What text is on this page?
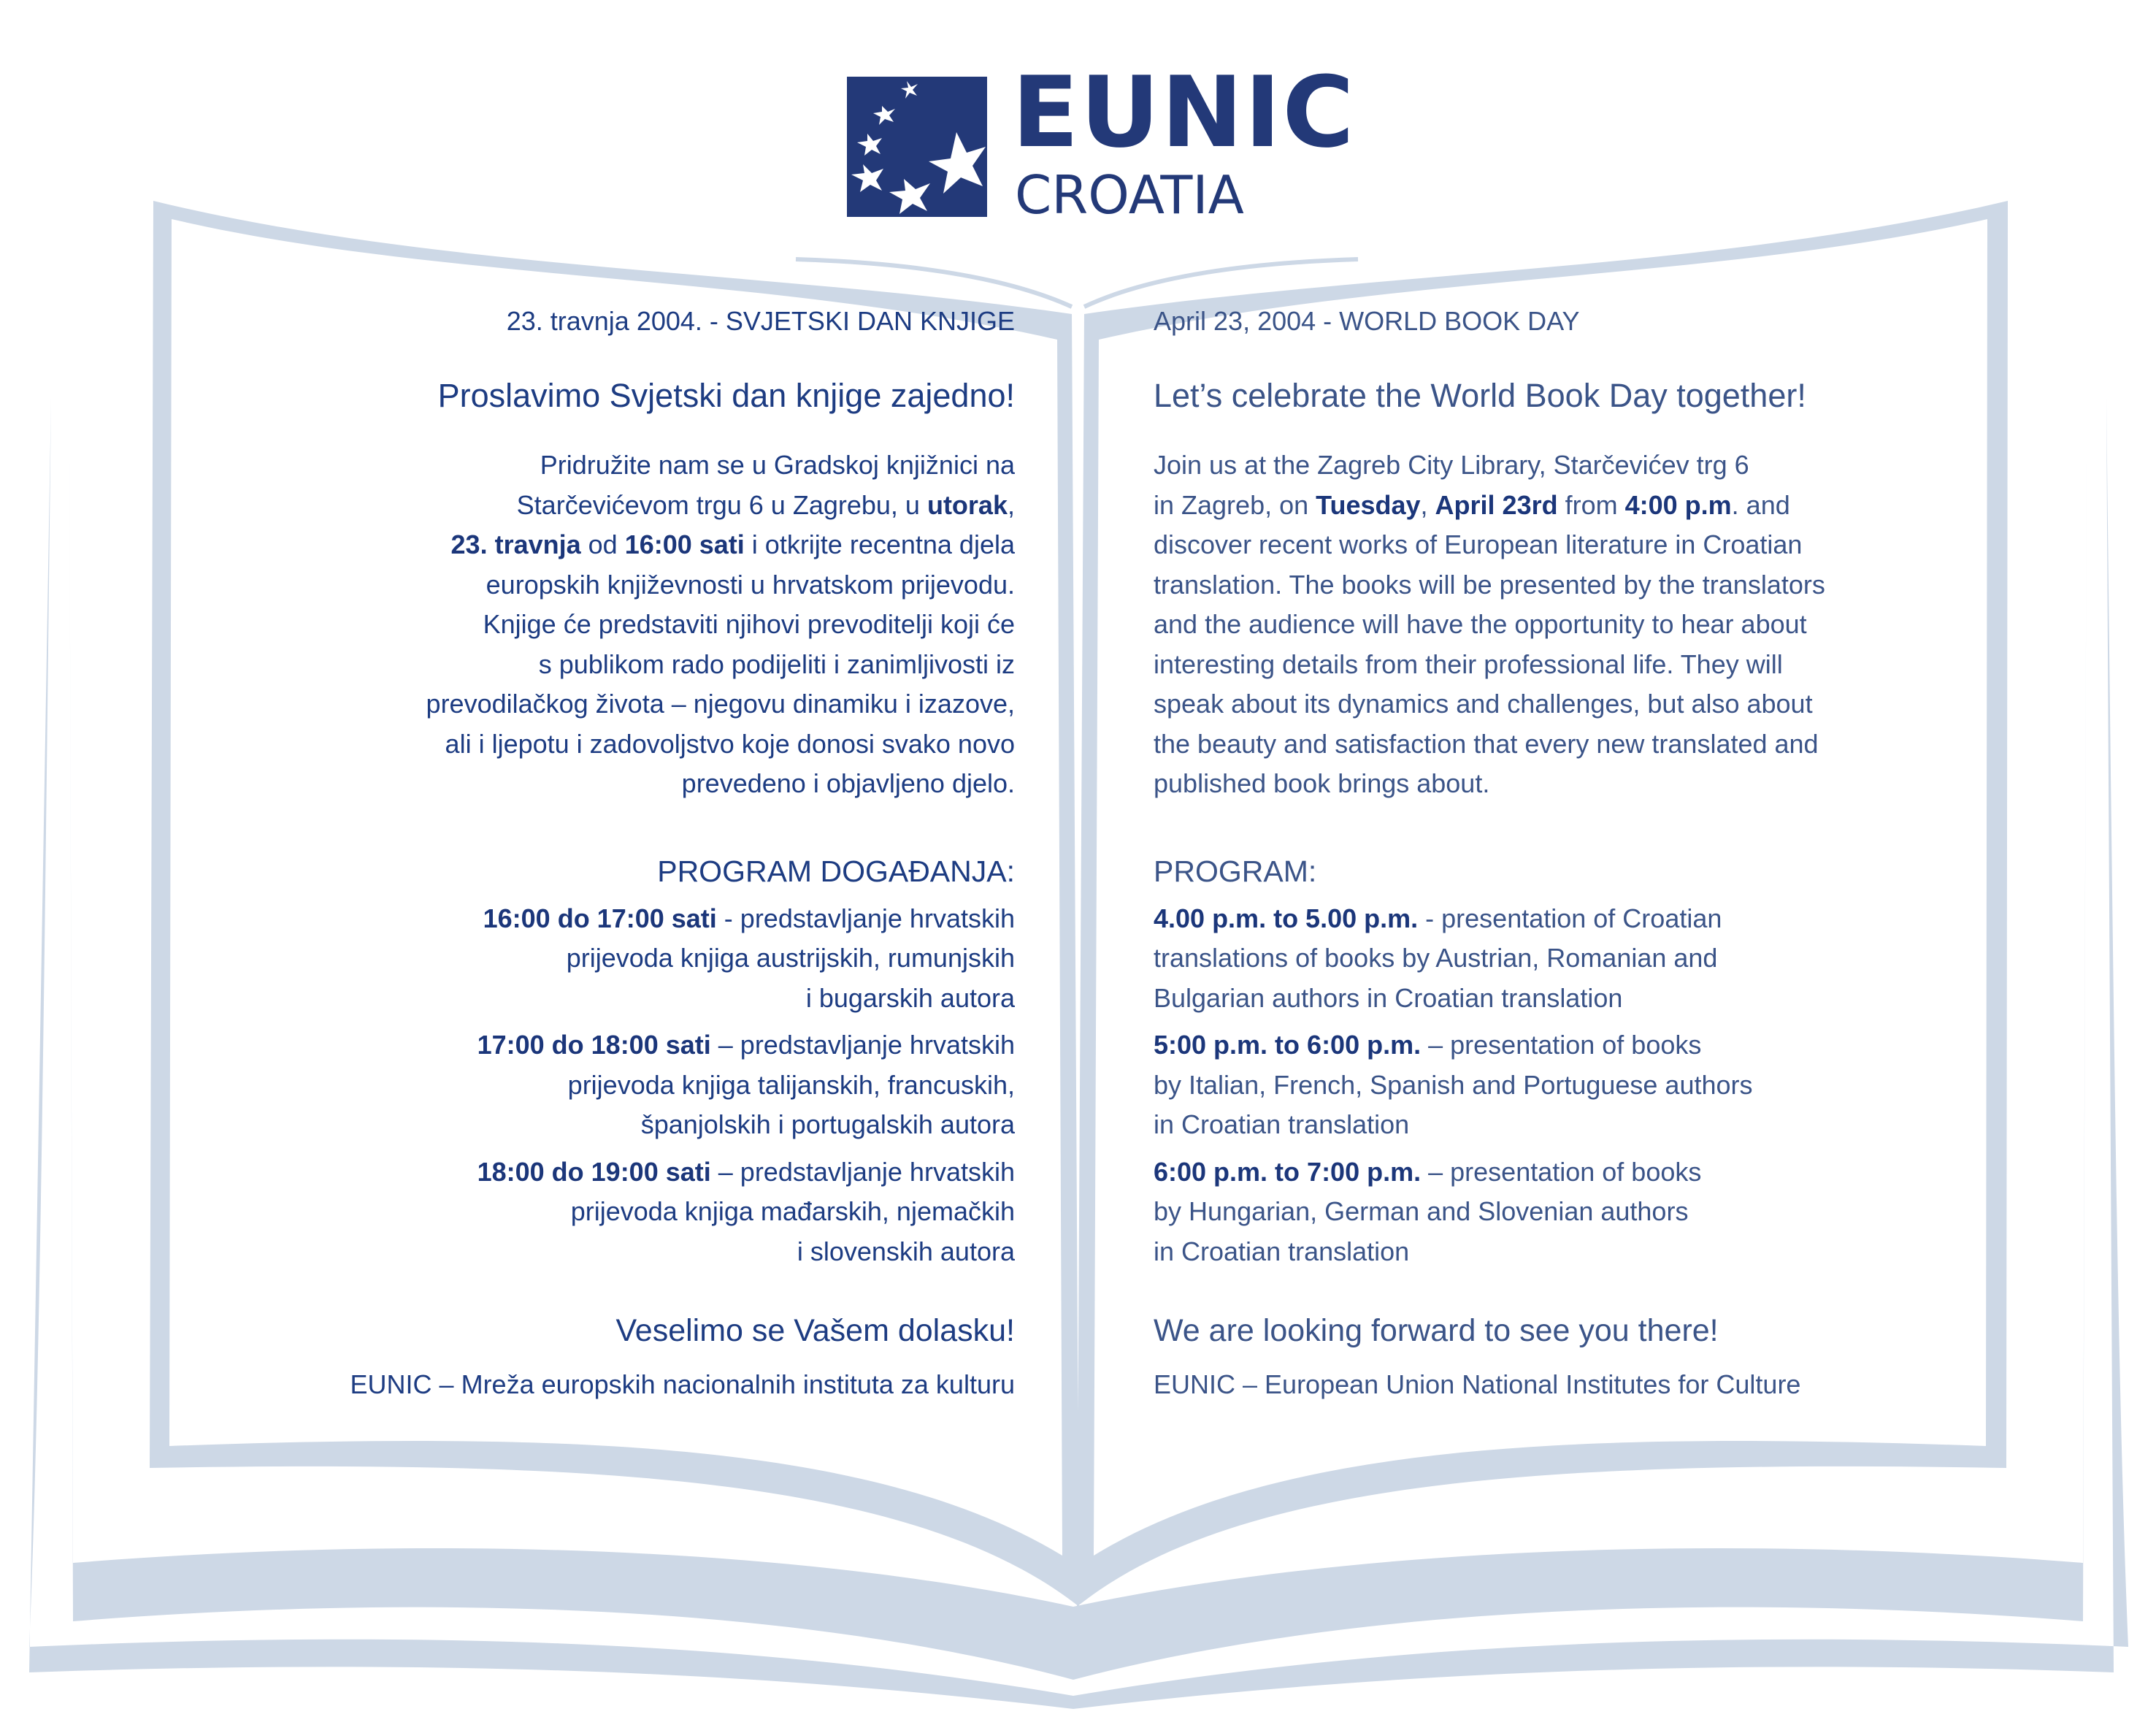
EUNIC
CROATIA
23. travnja 2004. - SVJETSKI DAN KNJIGE
Proslavimo Svjetski dan knjige zajedno!
Pridružite nam se u Gradskoj knjižnici na
Starčevićevom trgu 6 u Zagrebu, u utorak,
23. travnja od 16:00 sati i otkrijte recentna djela
europskih književnosti u hrvatskom prijevodu.
Knjige će predstaviti njihovi prevoditelji koji će
s publikom rado podijeliti i zanimljivosti iz
prevodilačkog života – njegovu dinamiku i izazove,
ali i ljepotu i zadovoljstvo koje donosi svako novo
prevedeno i objavljeno djelo.
PROGRAM DOGAĐANJA:
16:00 do 17:00 sati - predstavljanje hrvatskih
prijevoda knjiga austrijskih, rumunjskih
i bugarskih autora
17:00 do 18:00 sati – predstavljanje hrvatskih
prijevoda knjiga talijanskih, francuskih,
španjolskih i portugalskih autora
18:00 do 19:00 sati – predstavljanje hrvatskih
prijevoda knjiga mađarskih, njemačkih
i slovenskih autora
Veselimo se Vašem dolasku!
EUNIC – Mreža europskih nacionalnih instituta za kulturu
April 23, 2004 - WORLD BOOK DAY
Let’s celebrate the World Book Day together!
Join us at the Zagreb City Library, Starčevićev trg 6
in Zagreb, on Tuesday, April 23rd from 4:00 p.m. and
discover recent works of European literature in Croatian
translation. The books will be presented by the translators
and the audience will have the opportunity to hear about
interesting details from their professional life. They will
speak about its dynamics and challenges, but also about
the beauty and satisfaction that every new translated and
published book brings about.
PROGRAM:
4.00 p.m. to 5.00 p.m. - presentation of Croatian
translations of books by Austrian, Romanian and
Bulgarian authors in Croatian translation
5:00 p.m. to 6:00 p.m. – presentation of books
by Italian, French, Spanish and Portuguese authors
in Croatian translation
6:00 p.m. to 7:00 p.m. – presentation of books
by Hungarian, German and Slovenian authors
in Croatian translation
We are looking forward to see you there!
EUNIC – European Union National Institutes for Culture
